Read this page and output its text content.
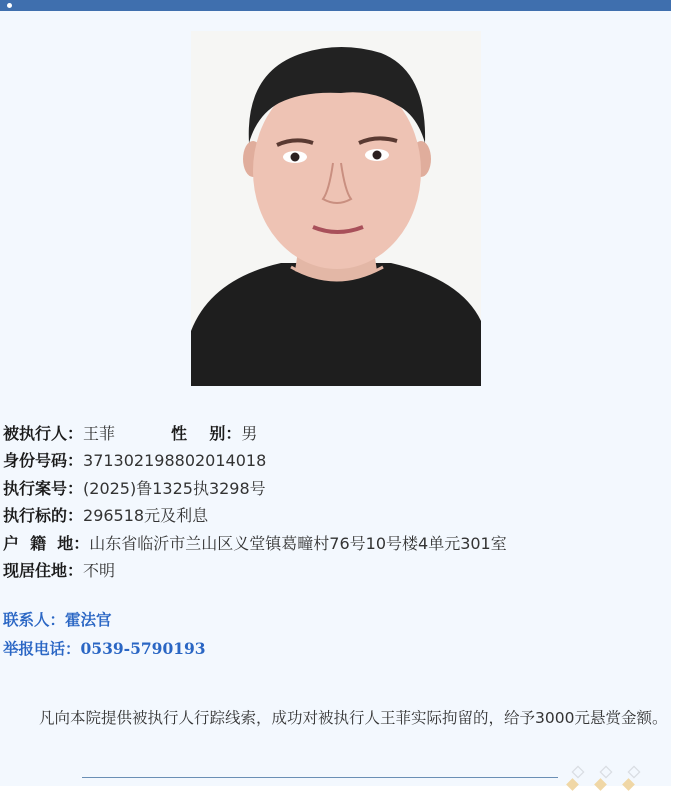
被执行人：王菲	性    别：男
身份号码：371302198802014018
执行案号：(2025)鲁1325执3298号
执行标的：296518元及利息
户  籍  地：山东省临沂市兰山区义堂镇葛疃村76号10号楼4单元301室
现居住地：不明
联系人：霍法官
举报电话：0539-5790193
凡向本院提供被执行人行踪线索，成功对被执行人王菲实际拘留的，给予3000元悬赏金额。
